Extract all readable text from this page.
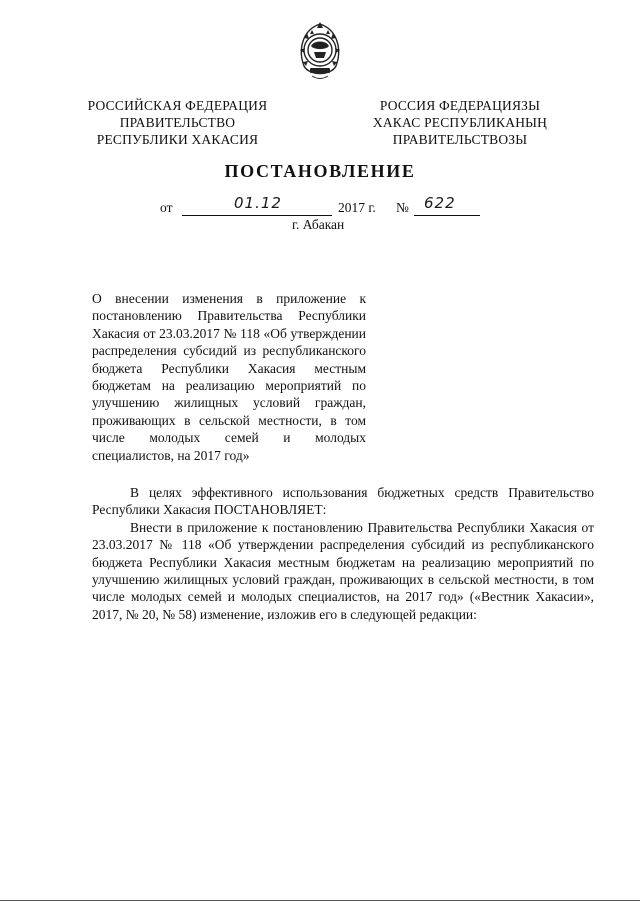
РОССИЙСКАЯ ФЕДЕРАЦИЯ
ПРАВИТЕЛЬСТВО
РЕСПУБЛИКИ ХАКАСИЯ
РОССИЯ ФЕДЕРАЦИЯЗЫ
ХАКАС РЕСПУБЛИКАНЫҢ
ПРАВИТЕЛЬСТВОЗЫ
ПОСТАНОВЛЕНИЕ
от	01.12	2017 г. № 622
г. Абакан
О внесении изменения в приложение к постановлению Правительства Республики Хакасия от 23.03.2017 № 118 «Об утверждении распределения субсидий из республиканского бюджета Республики Хакасия местным бюджетам на реализацию мероприятий по улучшению жилищных условий граждан, проживающих в сельской местности, в том числе молодых семей и молодых специалистов, на 2017 год»

В целях эффективного использования бюджетных средств Правительство Республики Хакасия ПОСТАНОВЛЯЕТ:

Внести в приложение к постановлению Правительства Республики Хакасия от 23.03.2017 № 118 «Об утверждении распределения субсидий из республиканского бюджета Республики Хакасия местным бюджетам на реализацию мероприятий по улучшению жилищных условий граждан, проживающих в сельской местности, в том числе молодых семей и молодых специалистов, на 2017 год» («Вестник Хакасии», 2017, № 20, № 58) изменение, изложив его в следующей редакции:
